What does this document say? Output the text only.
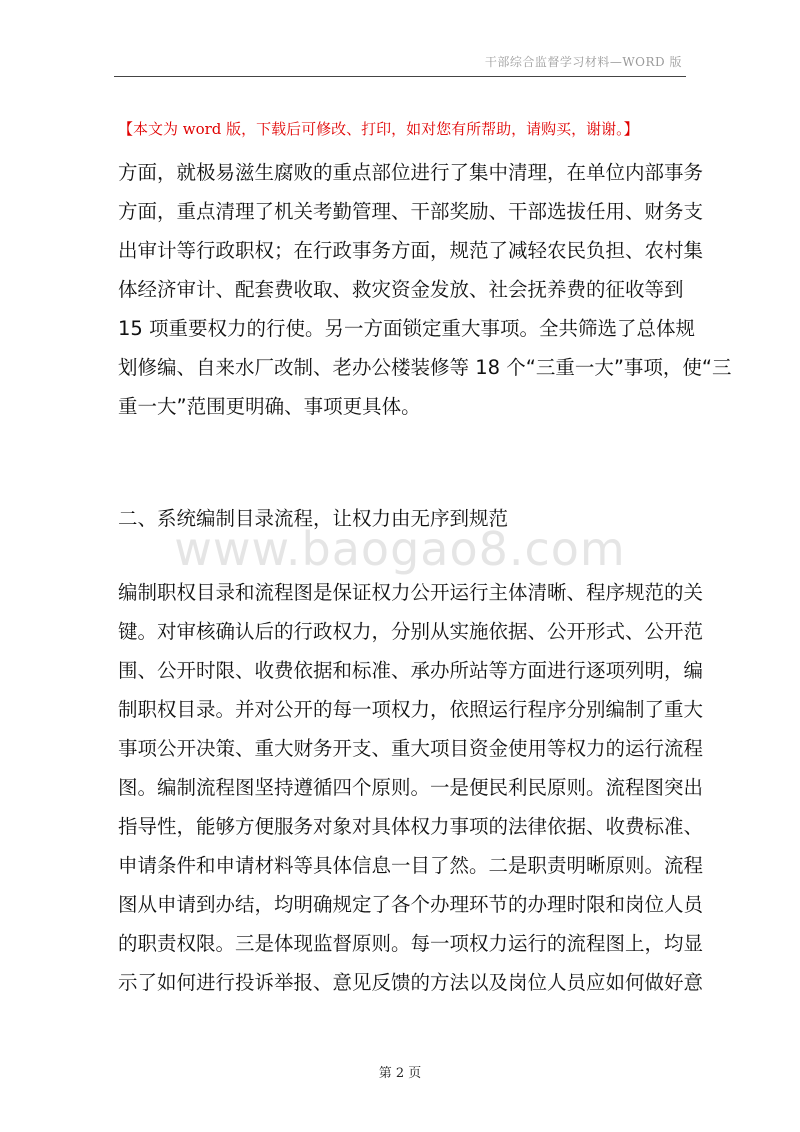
干部综合监督学习材料—WORD 版
【本文为 word 版，下载后可修改、打印，如对您有所帮助，请购买，谢谢。】
方面，就极易滋生腐败的重点部位进行了集中清理，在单位内部事务
方面，重点清理了机关考勤管理、干部奖励、干部选拔任用、财务支
出审计等行政职权；在行政事务方面，规范了减轻农民负担、农村集
体经济审计、配套费收取、救灾资金发放、社会抚养费的征收等到
15 项重要权力的行使。另一方面锁定重大事项。全共筛选了总体规
划修编、自来水厂改制、老办公楼装修等 18 个“三重一大”事项，使“三
重一大”范围更明确、事项更具体。
二、系统编制目录流程，让权力由无序到规范
www.baogao8.com
编制职权目录和流程图是保证权力公开运行主体清晰、程序规范的关
键。对审核确认后的行政权力，分别从实施依据、公开形式、公开范
围、公开时限、收费依据和标准、承办所站等方面进行逐项列明，编
制职权目录。并对公开的每一项权力，依照运行程序分别编制了重大
事项公开决策、重大财务开支、重大项目资金使用等权力的运行流程
图。编制流程图坚持遵循四个原则。一是便民利民原则。流程图突出
指导性，能够方便服务对象对具体权力事项的法律依据、收费标准、
申请条件和申请材料等具体信息一目了然。二是职责明晰原则。流程
图从申请到办结，均明确规定了各个办理环节的办理时限和岗位人员
的职责权限。三是体现监督原则。每一项权力运行的流程图上，均显
示了如何进行投诉举报、意见反馈的方法以及岗位人员应如何做好意
第 2 页
